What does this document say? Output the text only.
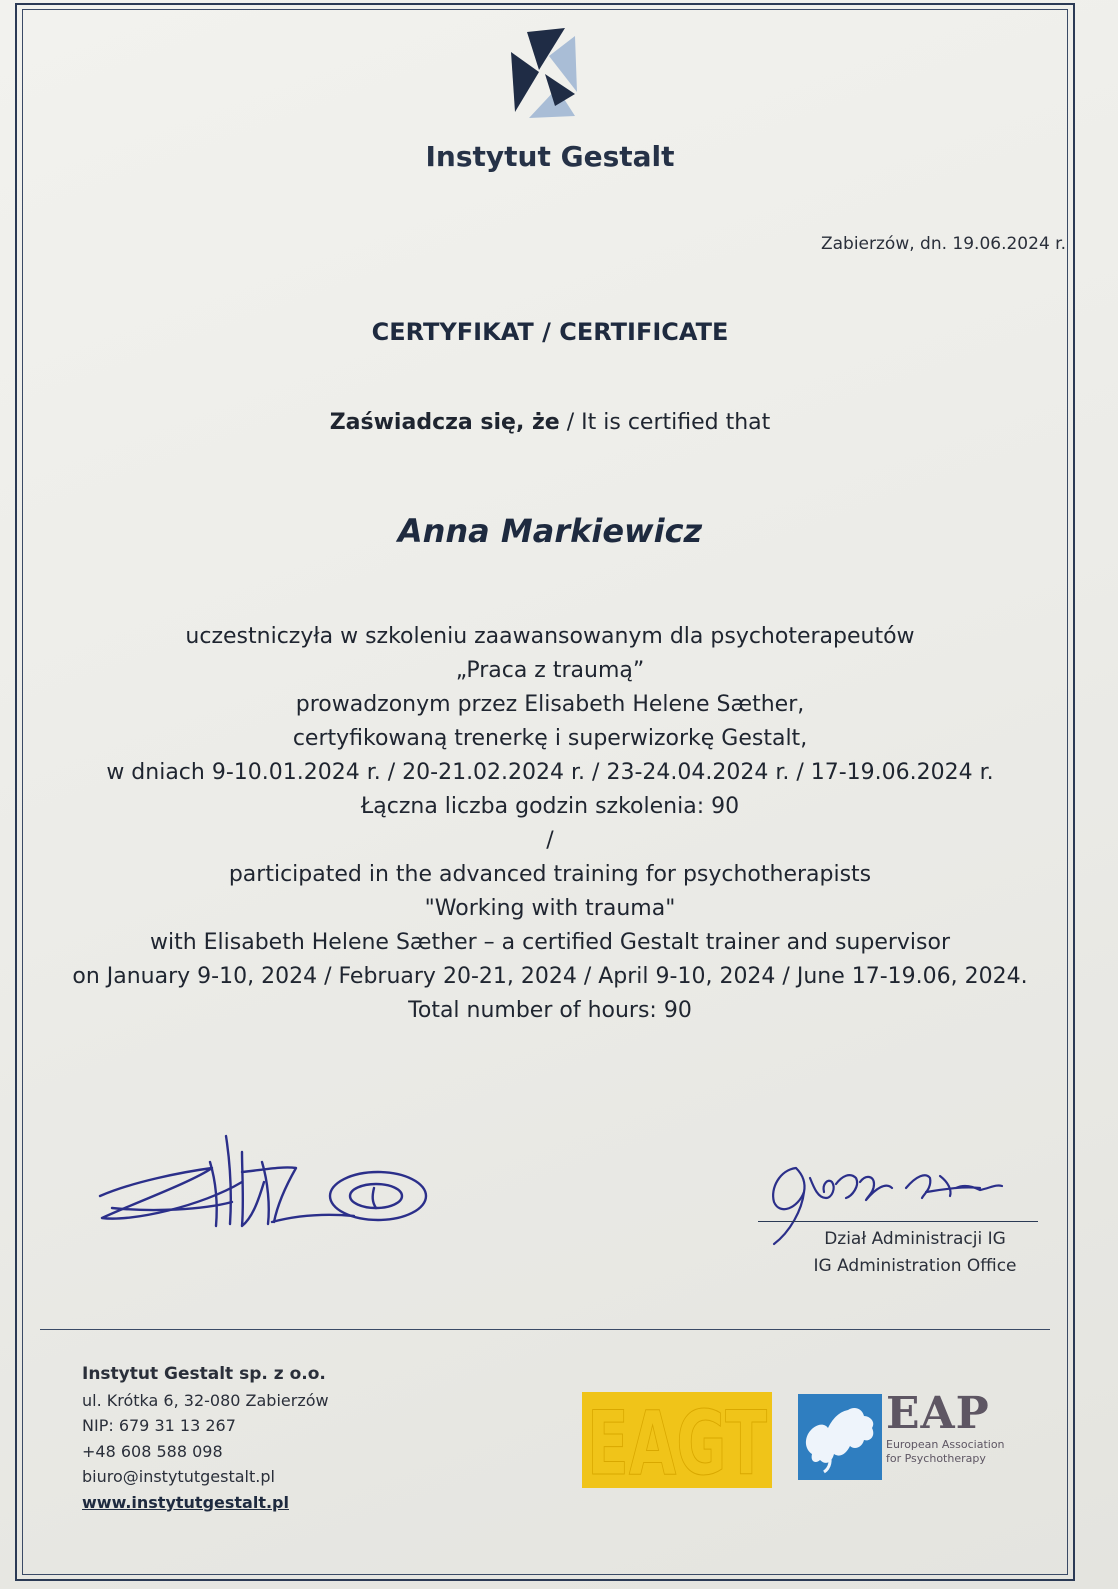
Instytut Gestalt
Zabierzów, dn. 19.06.2024 r.
CERTYFIKAT / CERTIFICATE
Zaświadcza się, że / It is certified that
Anna Markiewicz
uczestniczyła w szkoleniu zaawansowanym dla psychoterapeutów
„Praca z traumą”
prowadzonym przez Elisabeth Helene Sæther,
certyfikowaną trenerkę i superwizorkę Gestalt,
w dniach 9-10.01.2024 r. / 20-21.02.2024 r. / 23-24.04.2024 r. / 17-19.06.2024 r.
Łączna liczba godzin szkolenia: 90
/
participated in the advanced training for psychotherapists
"Working with trauma"
with Elisabeth Helene Sæther – a certified Gestalt trainer and supervisor
on January 9-10, 2024 / February 20-21, 2024 / April 9-10, 2024 / June 17-19.06, 2024.
Total number of hours: 90
Dział Administracji IG
IG Administration Office
Instytut Gestalt sp. z o.o.
ul. Krótka 6, 32-080 Zabierzów
NIP: 679 31 13 267
+48 608 588 098
biuro@instytutgestalt.pl
www.instytutgestalt.pl
EAGT	EAP
European Association
for Psychotherapy
